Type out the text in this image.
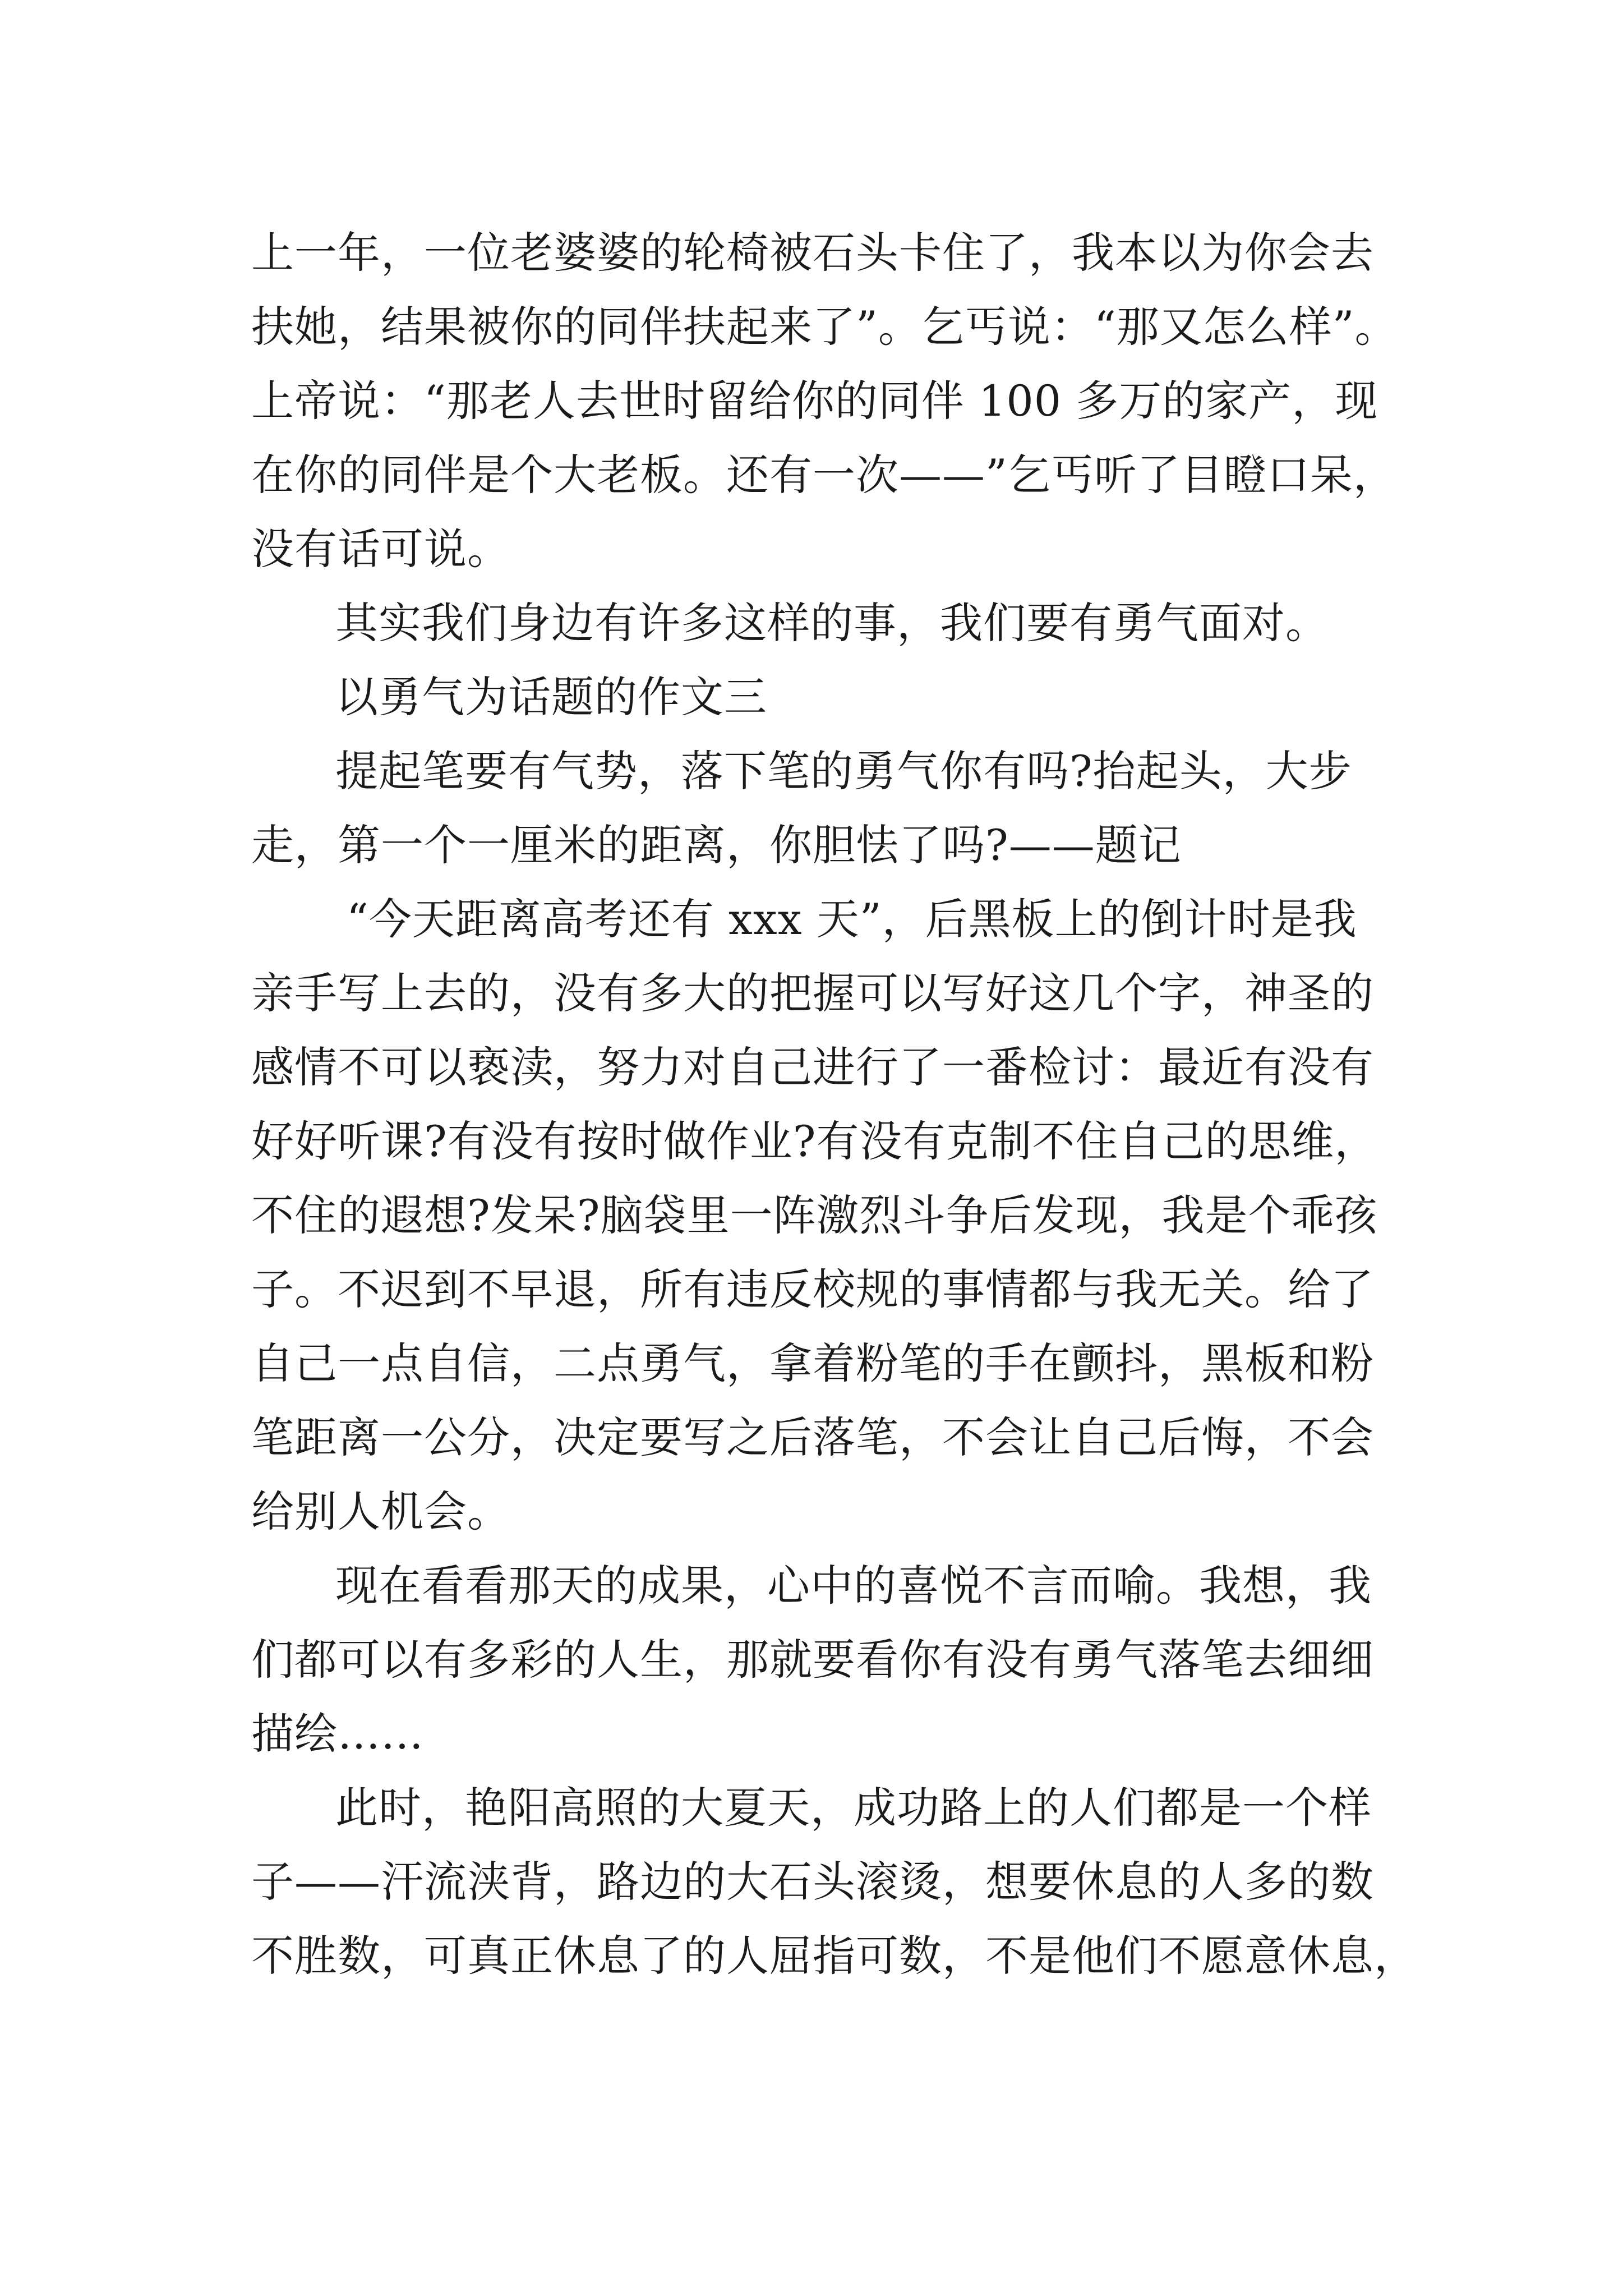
上一年，一位老婆婆的轮椅被石头卡住了，我本以为你会去
扶她，结果被你的同伴扶起来了”。乞丐说：“那又怎么样”。
上帝说：“那老人去世时留给你的同伴 100 多万的家产，现
在你的同伴是个大老板。还有一次——”乞丐听了目瞪口呆，
没有话可说。
其实我们身边有许多这样的事，我们要有勇气面对。
以勇气为话题的作文三
提起笔要有气势，落下笔的勇气你有吗?抬起头，大步
走，第一个一厘米的距离，你胆怯了吗?——题记
“今天距离高考还有 xxx 天”，后黑板上的倒计时是我
亲手写上去的，没有多大的把握可以写好这几个字，神圣的
感情不可以亵渎，努力对自己进行了一番检讨：最近有没有
好好听课?有没有按时做作业?有没有克制不住自己的思维，
不住的遐想?发呆?脑袋里一阵激烈斗争后发现，我是个乖孩
子。不迟到不早退，所有违反校规的事情都与我无关。给了
自己一点自信，二点勇气，拿着粉笔的手在颤抖，黑板和粉
笔距离一公分，决定要写之后落笔，不会让自己后悔，不会
给别人机会。
现在看看那天的成果，心中的喜悦不言而喻。我想，我
们都可以有多彩的人生，那就要看你有没有勇气落笔去细细
描绘……
此时，艳阳高照的大夏天，成功路上的人们都是一个样
子——汗流浃背，路边的大石头滚烫，想要休息的人多的数
不胜数，可真正休息了的人屈指可数，不是他们不愿意休息，
